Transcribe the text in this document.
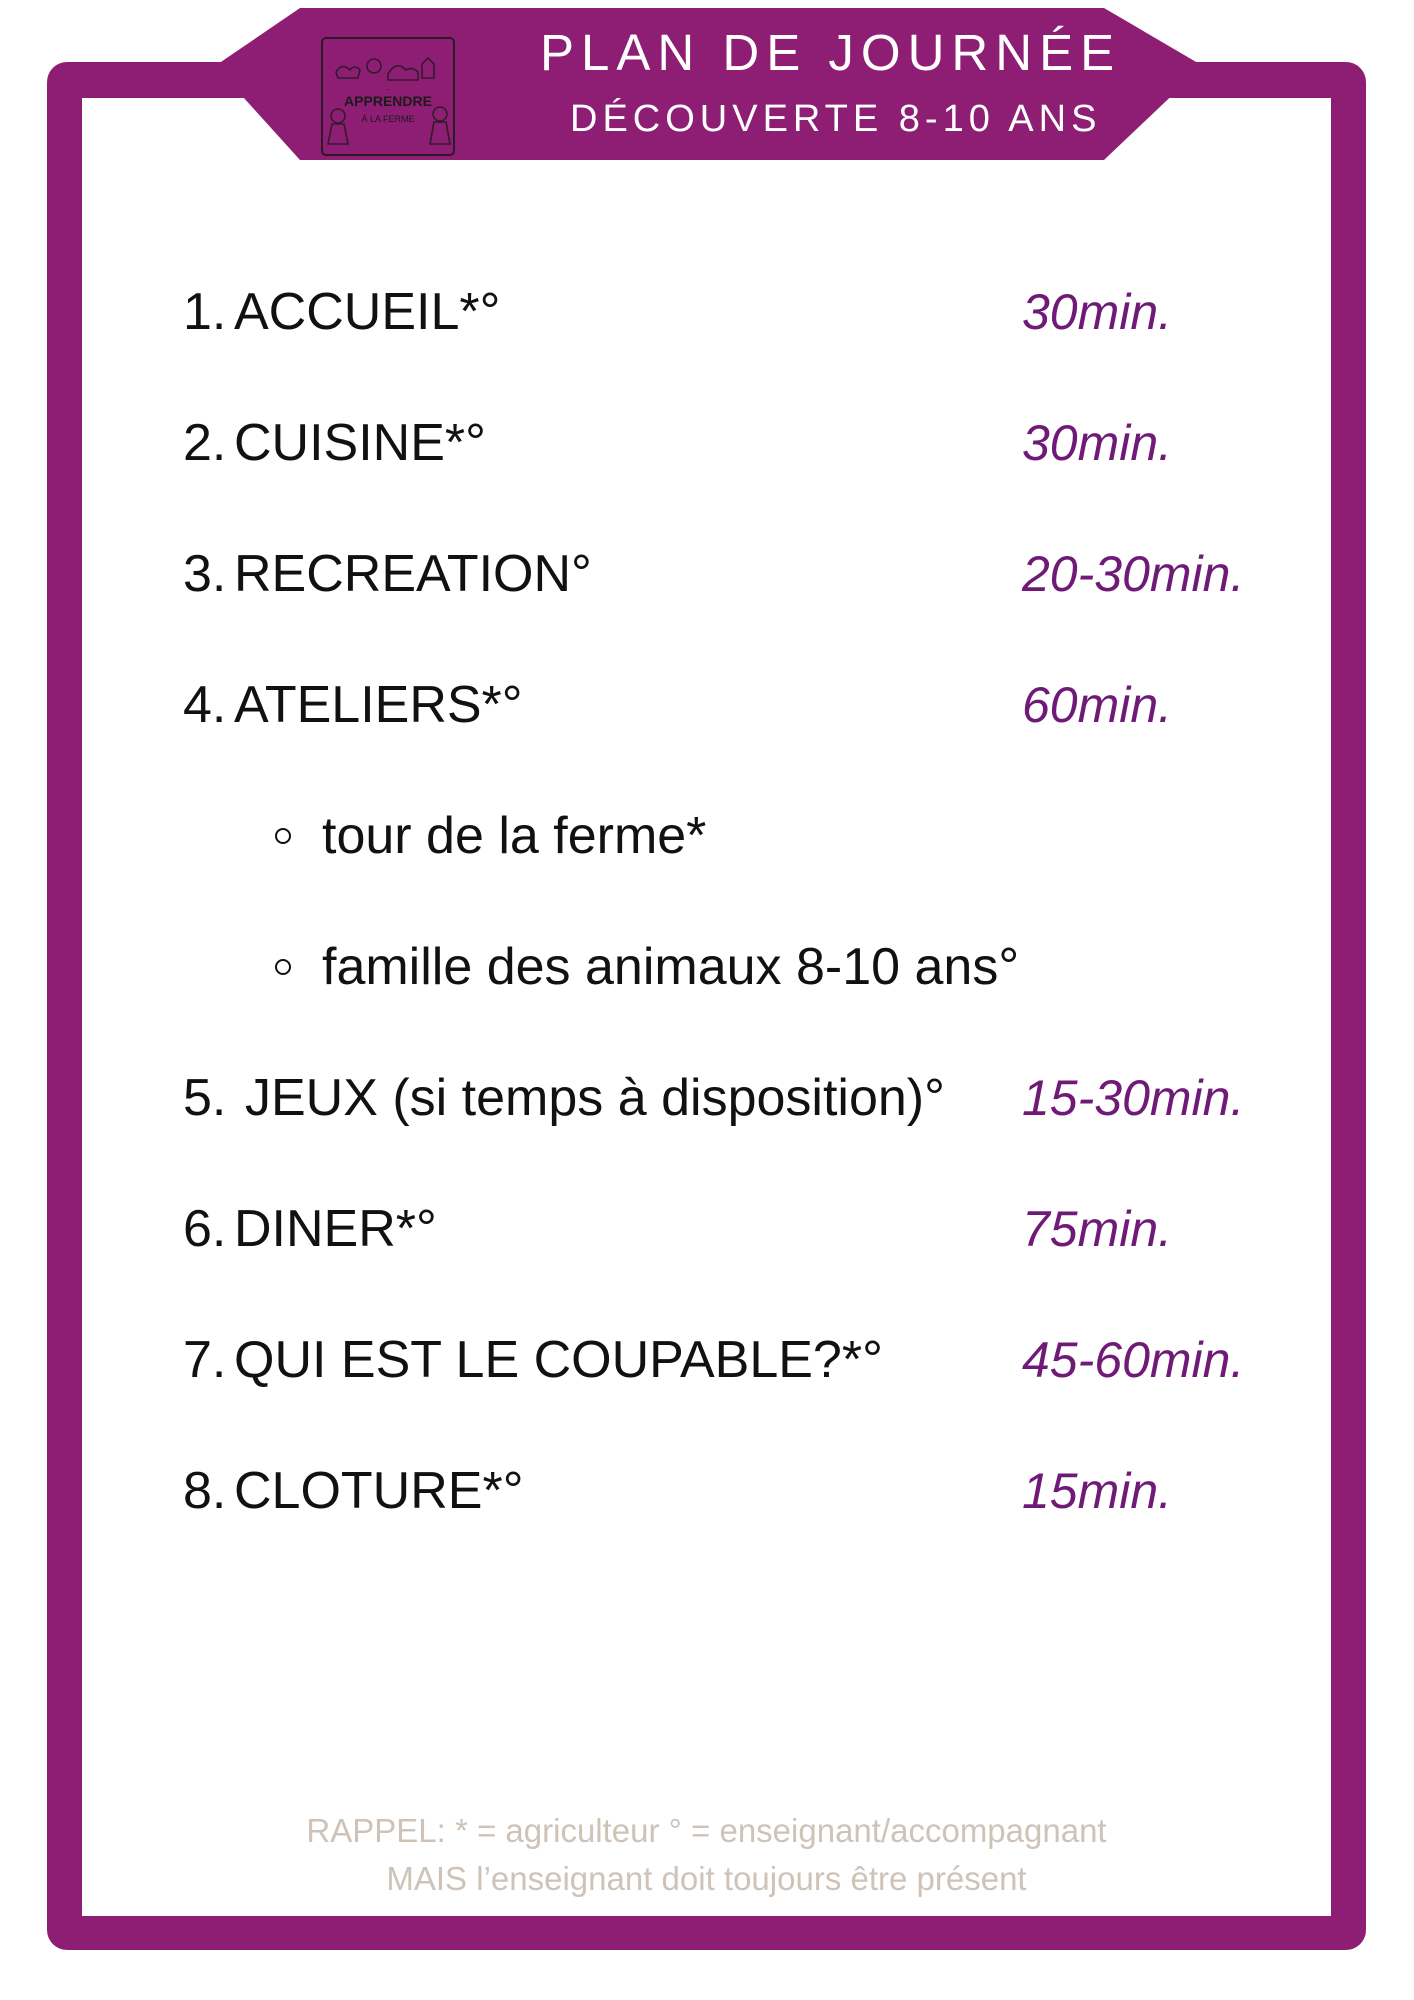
...
APPRENDRE
À LA FERME
PLAN DE JOURNÉE
DÉCOUVERTE 8-10 ANS
1. ACCUEIL*°	30min.
2. CUISINE*°	30min.
3. RECREATION°	20-30min.
4. ATELIERS*°	60min.
tour de la ferme*
famille des animaux 8-10 ans°
5. JEUX (si temps à disposition)° 15-30min.
6. DINER*°	75min.
7. QUI EST LE COUPABLE?*°	45-60min.
8. CLOTURE*°	15min.
RAPPEL: * = agriculteur ° = enseignant/accompagnant
MAIS l’enseignant doit toujours être présent
